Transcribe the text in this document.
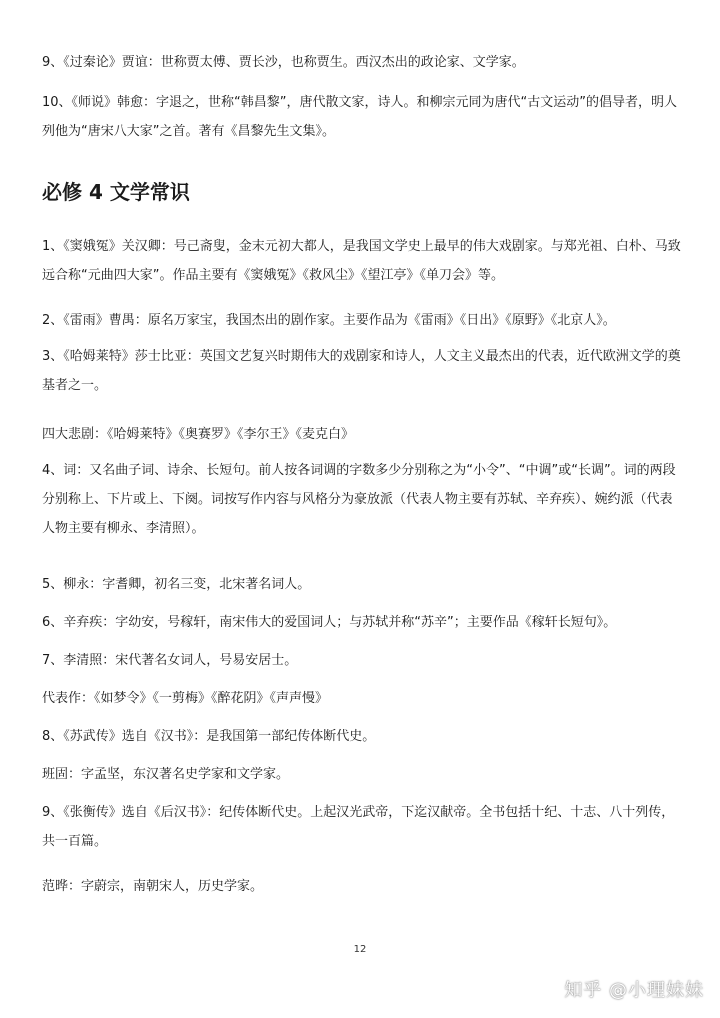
9、《过秦论》贾谊：世称贾太傅、贾长沙，也称贾生。西汉杰出的政论家、文学家。

10、《师说》韩愈：字退之，世称“韩昌黎”，唐代散文家，诗人。和柳宗元同为唐代“古文运动”的倡导者，明人列他为“唐宋八大家”之首。著有《昌黎先生文集》。

必修 4 文学常识

1、《窦娥冤》关汉卿：号己斋叟，金末元初大都人，是我国文学史上最早的伟大戏剧家。与郑光祖、白朴、马致远合称“元曲四大家”。作品主要有《窦娥冤》《救风尘》《望江亭》《单刀会》等。

2、《雷雨》曹禺：原名万家宝，我国杰出的剧作家。主要作品为《雷雨》《日出》《原野》《北京人》。

3、《哈姆莱特》莎士比亚：英国文艺复兴时期伟大的戏剧家和诗人，人文主义最杰出的代表，近代欧洲文学的奠基者之一。

四大悲剧：《哈姆莱特》《奥赛罗》《李尔王》《麦克白》

4、词：又名曲子词、诗余、长短句。前人按各词调的字数多少分别称之为“小令”、“中调”或“长调”。词的两段分别称上、下片或上、下阕。词按写作内容与风格分为豪放派（代表人物主要有苏轼、辛弃疾）、婉约派（代表人物主要有柳永、李清照）。

5、柳永：字耆卿，初名三变，北宋著名词人。

6、辛弃疾：字幼安，号稼轩，南宋伟大的爱国词人；与苏轼并称“苏辛”；主要作品《稼轩长短句》。

7、李清照：宋代著名女词人，号易安居士。

代表作：《如梦令》《一剪梅》《醉花阴》《声声慢》

8、《苏武传》选自《汉书》：是我国第一部纪传体断代史。

班固：字孟坚，东汉著名史学家和文学家。

9、《张衡传》选自《后汉书》：纪传体断代史。上起汉光武帝，下迄汉献帝。全书包括十纪、十志、八十列传，共一百篇。

范晔：字蔚宗，南朝宋人，历史学家。

12
知乎 @小理妹妹
